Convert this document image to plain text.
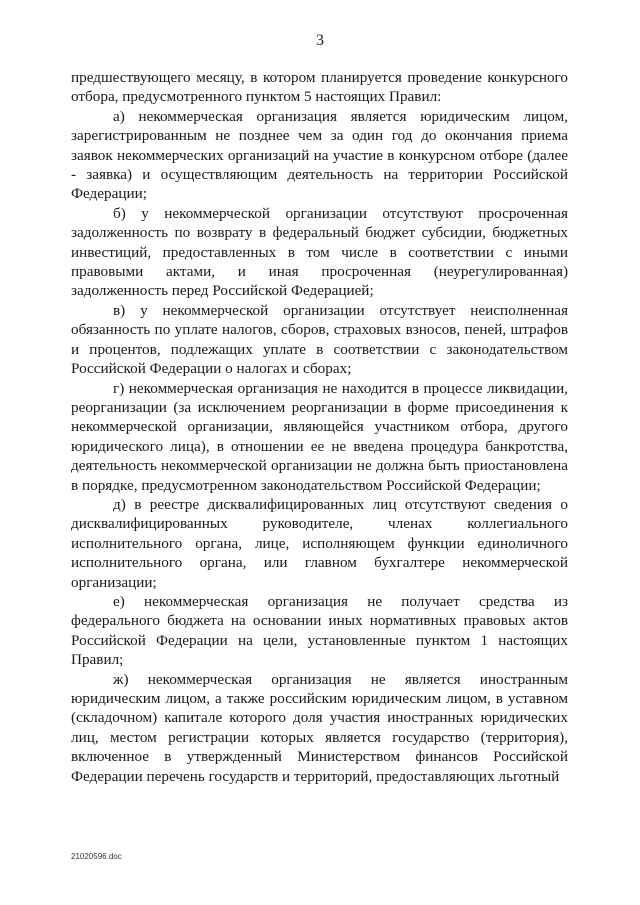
3

предшествующего месяцу, в котором планируется проведение конкурсного отбора, предусмотренного пунктом 5 настоящих Правил:

а) некоммерческая организация является юридическим лицом, зарегистрированным не позднее чем за один год до окончания приема заявок некоммерческих организаций на участие в конкурсном отборе (далее - заявка) и осуществляющим деятельность на территории Российской Федерации;

б) у некоммерческой организации отсутствуют просроченная задолженность по возврату в федеральный бюджет субсидии, бюджетных инвестиций, предоставленных в том числе в соответствии с иными правовыми актами, и иная просроченная (неурегулированная) задолженность перед Российской Федерацией;

в) у некоммерческой организации отсутствует неисполненная обязанность по уплате налогов, сборов, страховых взносов, пеней, штрафов и процентов, подлежащих уплате в соответствии с законодательством Российской Федерации о налогах и сборах;

г) некоммерческая организация не находится в процессе ликвидации, реорганизации (за исключением реорганизации в форме присоединения к некоммерческой организации, являющейся участником отбора, другого юридического лица), в отношении ее не введена процедура банкротства, деятельность некоммерческой организации не должна быть приостановлена в порядке, предусмотренном законодательством Российской Федерации;

д) в реестре дисквалифицированных лиц отсутствуют сведения о дисквалифицированных руководителе, членах коллегиального исполнительного органа, лице, исполняющем функции единоличного исполнительного органа, или главном бухгалтере некоммерческой организации;

е) некоммерческая организация не получает средства из федерального бюджета на основании иных нормативных правовых актов Российской Федерации на цели, установленные пунктом 1 настоящих Правил;

ж) некоммерческая организация не является иностранным юридическим лицом, а также российским юридическим лицом, в уставном (складочном) капитале которого доля участия иностранных юридических лиц, местом регистрации которых является государство (территория), включенное в утвержденный Министерством финансов Российской Федерации перечень государств и территорий, предоставляющих льготный

21020596.doc
